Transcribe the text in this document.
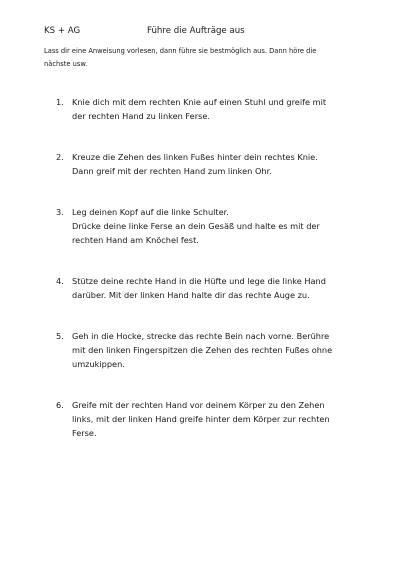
KS + AG	Führe die Aufträge aus
Lass dir eine Anweisung vorlesen, dann führe sie bestmöglich aus. Dann höre die
nächste usw.
1. Knie dich mit dem rechten Knie auf einen Stuhl und greife mit
der rechten Hand zu linken Ferse.
2. Kreuze die Zehen des linken Fußes hinter dein rechtes Knie.
Dann greif mit der rechten Hand zum linken Ohr.
3. Leg deinen Kopf auf die linke Schulter.
Drücke deine linke Ferse an dein Gesäß und halte es mit der
rechten Hand am Knöchel fest.
4. Stütze deine rechte Hand in die Hüfte und lege die linke Hand
darüber. Mit der linken Hand halte dir das rechte Auge zu.
5. Geh in die Hocke, strecke das rechte Bein nach vorne. Berühre
mit den linken Fingerspitzen die Zehen des rechten Fußes ohne
umzukippen.
6. Greife mit der rechten Hand vor deinem Körper zu den Zehen
links, mit der linken Hand greife hinter dem Körper zur rechten
Ferse.
